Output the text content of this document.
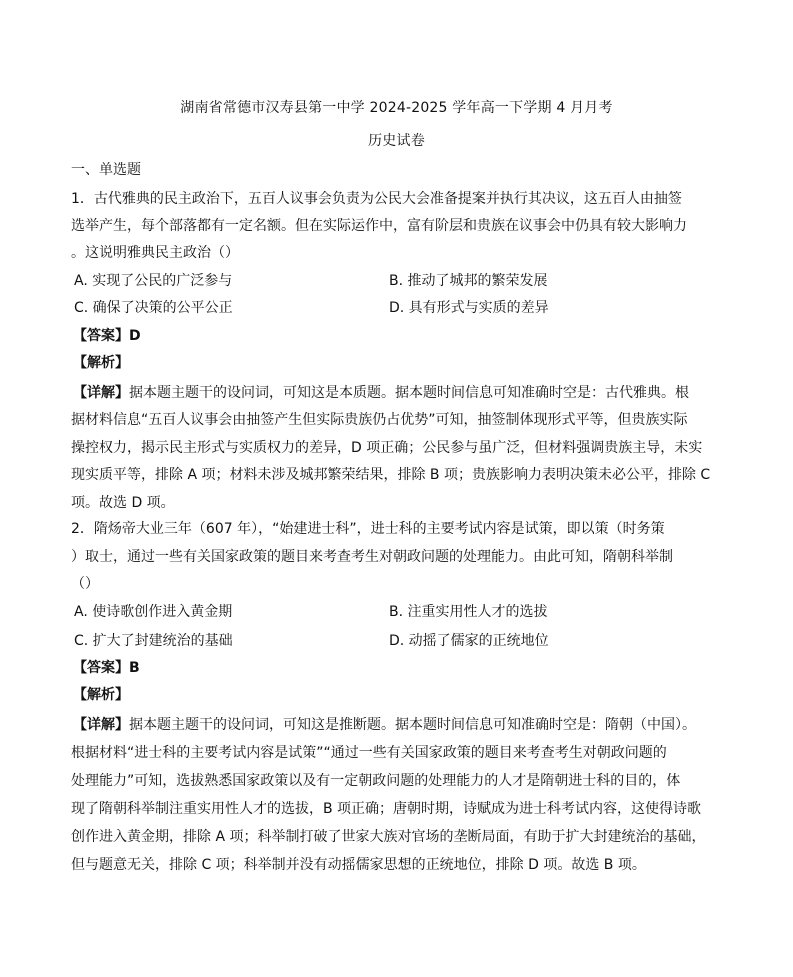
湖南省常德市汉寿县第一中学 2024-2025 学年高一下学期 4 月月考
历史试卷
一、单选题
1．古代雅典的民主政治下，五百人议事会负责为公民大会准备提案并执行其决议，这五百人由抽签
选举产生，每个部落都有一定名额。但在实际运作中，富有阶层和贵族在议事会中仍具有较大影响力
。这说明雅典民主政治（）
A. 实现了公民的广泛参与	B. 推动了城邦的繁荣发展
C. 确保了决策的公平公正	D. 具有形式与实质的差异
【答案】D
【解析】
【详解】据本题主题干的设问词，可知这是本质题。据本题时间信息可知准确时空是：古代雅典。根
据材料信息“五百人议事会由抽签产生但实际贵族仍占优势”可知，抽签制体现形式平等，但贵族实际
操控权力，揭示民主形式与实质权力的差异，D 项正确；公民参与虽广泛，但材料强调贵族主导，未实
现实质平等，排除 A 项；材料未涉及城邦繁荣结果，排除 B 项；贵族影响力表明决策未必公平，排除 C
项。故选 D 项。
2．隋炀帝大业三年（607 年），“始建进士科”，进士科的主要考试内容是试策，即以策（时务策
）取士，通过一些有关国家政策的题目来考查考生对朝政问题的处理能力。由此可知，隋朝科举制
（）
A. 使诗歌创作进入黄金期	B. 注重实用性人才的选拔
C. 扩大了封建统治的基础	D. 动摇了儒家的正统地位
【答案】B
【解析】
【详解】据本题主题干的设问词，可知这是推断题。据本题时间信息可知准确时空是：隋朝（中国）。
根据材料“进士科的主要考试内容是试策”“通过一些有关国家政策的题目来考查考生对朝政问题的
处理能力”可知，选拔熟悉国家政策以及有一定朝政问题的处理能力的人才是隋朝进士科的目的，体
现了隋朝科举制注重实用性人才的选拔，B 项正确；唐朝时期，诗赋成为进士科考试内容，这使得诗歌
创作进入黄金期，排除 A 项；科举制打破了世家大族对官场的垄断局面，有助于扩大封建统治的基础，
但与题意无关，排除 C 项；科举制并没有动摇儒家思想的正统地位，排除 D 项。故选 B 项。
